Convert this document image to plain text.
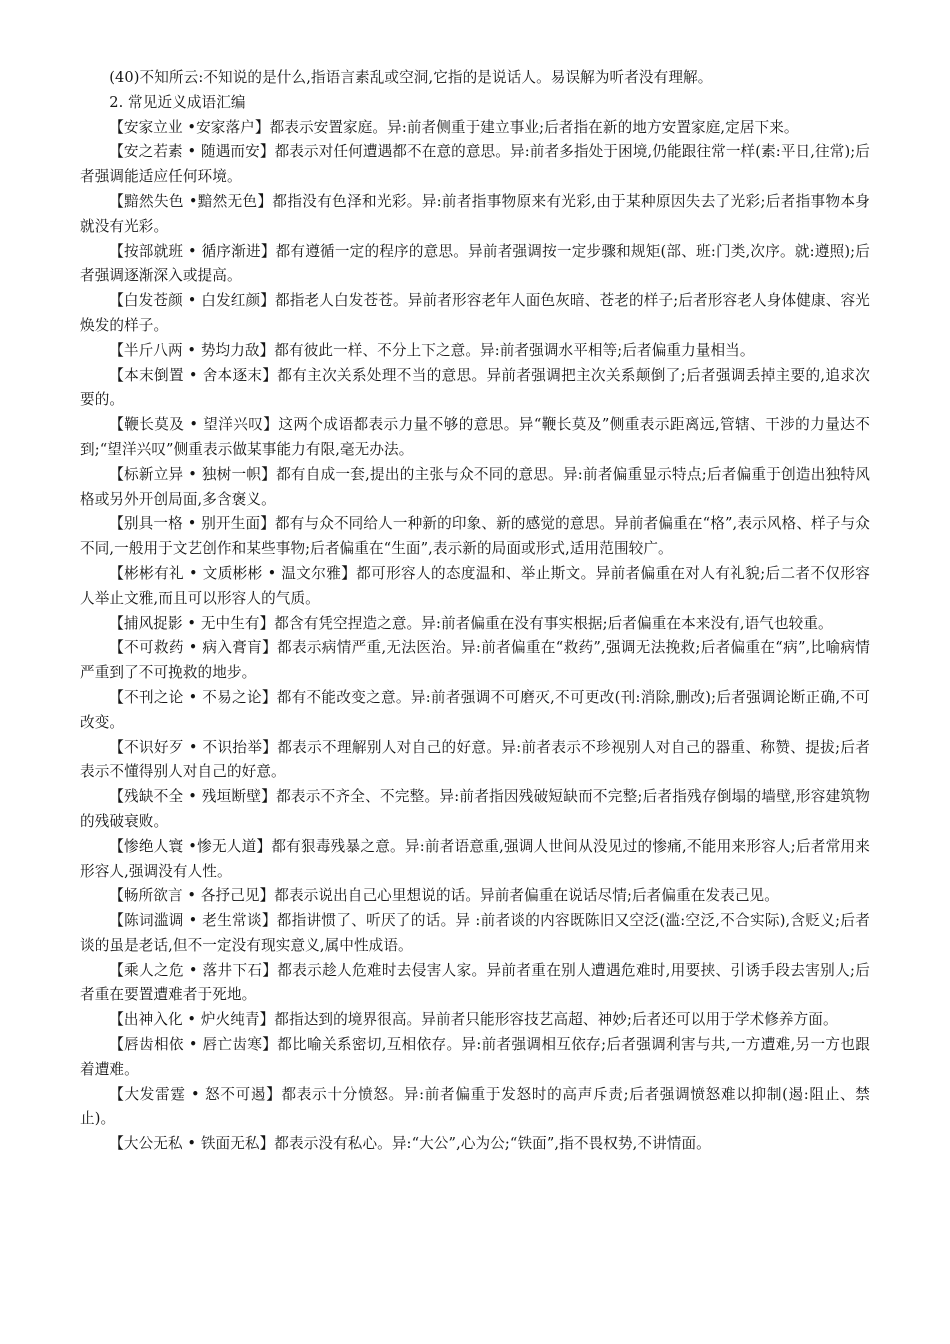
(40)不知所云:不知说的是什么,指语言素乱或空洞,它指的是说话人。易误解为听者没有理解。

2. 常见近义成语汇编

【安家立业 •安家落户】都表示安置家庭。异:前者侧重于建立事业;后者指在新的地方安置家庭,定居下来。

【安之若素 • 随遇而安】都表示对任何遭遇都不在意的意思。异:前者多指处于困境,仍能跟往常一样(素:平日,往常);后者强调能适应任何环境。

【黯然失色 •黯然无色】都指没有色泽和光彩。异:前者指事物原来有光彩,由于某种原因失去了光彩;后者指事物本身就没有光彩。

【按部就班 • 循序渐进】都有遵循一定的程序的意思。异前者强调按一定步骤和规矩(部、班:门类,次序。就:遵照);后者强调逐渐深入或提高。

【白发苍颜 • 白发红颜】都指老人白发苍苍。异前者形容老年人面色灰暗、苍老的样子;后者形容老人身体健康、容光焕发的样子。

【半斤八两 • 势均力敌】都有彼此一样、不分上下之意。异:前者强调水平相等;后者偏重力量相当。

【本末倒置 • 舍本逐末】都有主次关系处理不当的意思。异前者强调把主次关系颠倒了;后者强调丢掉主要的,追求次要的。

【鞭长莫及 • 望洋兴叹】这两个成语都表示力量不够的意思。异“鞭长莫及”侧重表示距离远,管辖、干涉的力量达不到;“望洋兴叹”侧重表示做某事能力有限,毫无办法。

【标新立异 • 独树一帜】都有自成一套,提出的主张与众不同的意思。异:前者偏重显示特点;后者偏重于创造出独特风格或另外开创局面,多含褒义。

【别具一格 • 别开生面】都有与众不同给人一种新的印象、新的感觉的意思。异前者偏重在“格”,表示风格、样子与众不同,一般用于文艺创作和某些事物;后者偏重在“生面”,表示新的局面或形式,适用范围较广。

【彬彬有礼 • 文质彬彬 • 温文尔雅】都可形容人的态度温和、举止斯文。异前者偏重在对人有礼貌;后二者不仅形容人举止文雅,而且可以形容人的气质。

【捕风捉影 • 无中生有】都含有凭空捏造之意。异:前者偏重在没有事实根据;后者偏重在本来没有,语气也较重。

【不可救药 • 病入膏肓】都表示病情严重,无法医治。异:前者偏重在“救药”,强调无法挽救;后者偏重在“病”,比喻病情严重到了不可挽救的地步。

【不刊之论 • 不易之论】都有不能改变之意。异:前者强调不可磨灭,不可更改(刊:消除,删改);后者强调论断正确,不可改变。

【不识好歹 • 不识抬举】都表示不理解别人对自己的好意。异:前者表示不珍视别人对自己的器重、称赞、提拔;后者表示不懂得别人对自己的好意。

【残缺不全 • 残垣断壁】都表示不齐全、不完整。异:前者指因残破短缺而不完整;后者指残存倒塌的墙壁,形容建筑物的残破衰败。

【惨绝人寰 •惨无人道】都有狠毒残暴之意。异:前者语意重,强调人世间从没见过的惨痛,不能用来形容人;后者常用来形容人,强调没有人性。

【畅所欲言 • 各抒己见】都表示说出自己心里想说的话。异前者偏重在说话尽情;后者偏重在发表己见。

【陈词滥调 • 老生常谈】都指讲惯了、听厌了的话。异 :前者谈的内容既陈旧又空泛(滥:空泛,不合实际),含贬义;后者谈的虽是老话,但不一定没有现实意义,属中性成语。

【乘人之危 • 落井下石】都表示趁人危难时去侵害人家。异前者重在别人遭遇危难时,用要挟、引诱手段去害别人;后者重在要置遭难者于死地。

【出神入化 • 炉火纯青】都指达到的境界很高。异前者只能形容技艺高超、神妙;后者还可以用于学术修养方面。

【唇齿相依 • 唇亡齿寒】都比喻关系密切,互相依存。异:前者强调相互依存;后者强调利害与共,一方遭难,另一方也跟着遭难。

【大发雷霆 • 怒不可遏】都表示十分愤怒。异:前者偏重于发怒时的高声斥责;后者强调愤怒难以抑制(遏:阻止、禁止)。

【大公无私 • 铁面无私】都表示没有私心。异:“大公”,心为公;“铁面”,指不畏权势,不讲情面。
